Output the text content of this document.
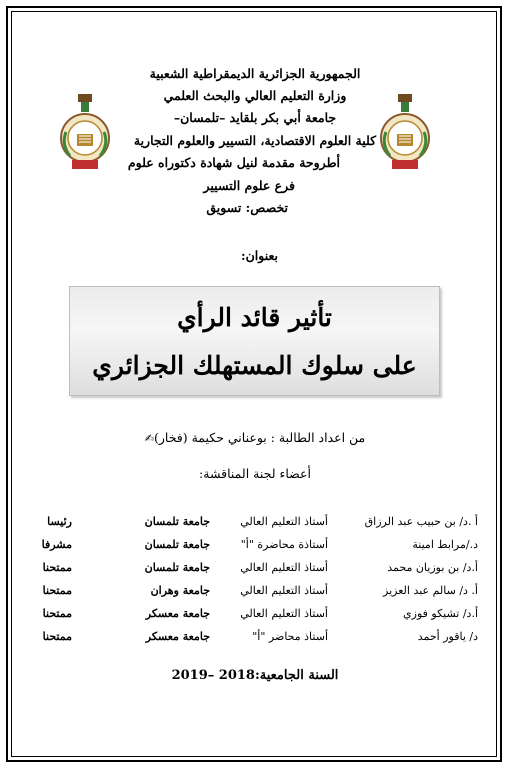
الجمهورية الجزائرية الديمقراطية الشعبية
وزارة التعليم العالي والبحث العلمي
جامعة أبي بكر بلقايد –تلمسان–
كلية العلوم الاقتصادية، التسيير والعلوم التجارية
أطروحة مقدمة لنيل شهادة دكتوراه علوم
فرع علوم التسيير
تخصص: تسويق
بعنوان:
تأثير قائد الرأي
على سلوك المستهلك الجزائري
من اعداد الطالبة : بوعناني حكيمة (فخار)✍
أعضاء لجنة المناقشة:
أ .د/ بن حبيب عبد الرزاق
أستاذ التعليم العالي
جامعة تلمسان
رئيسا
د./مرابط امينة
أستاذة محاضرة "أ"
جامعة تلمسان
مشرفا
أ.د/ بن بوزيان محمد
أستاذ التعليم العالي
جامعة تلمسان
ممتحنا
أ. د/ سالم عبد العزيز
أستاذ التعليم العالي
جامعة وهران
ممتحنا
أ.د/ تشيكو فوزي
أستاذ التعليم العالي
جامعة معسكر
ممتحنا
د/ ياقور أحمد
أستاذ محاضر "أ"
جامعة معسكر
ممتحنا
السنة الجامعية:2018 –2019
